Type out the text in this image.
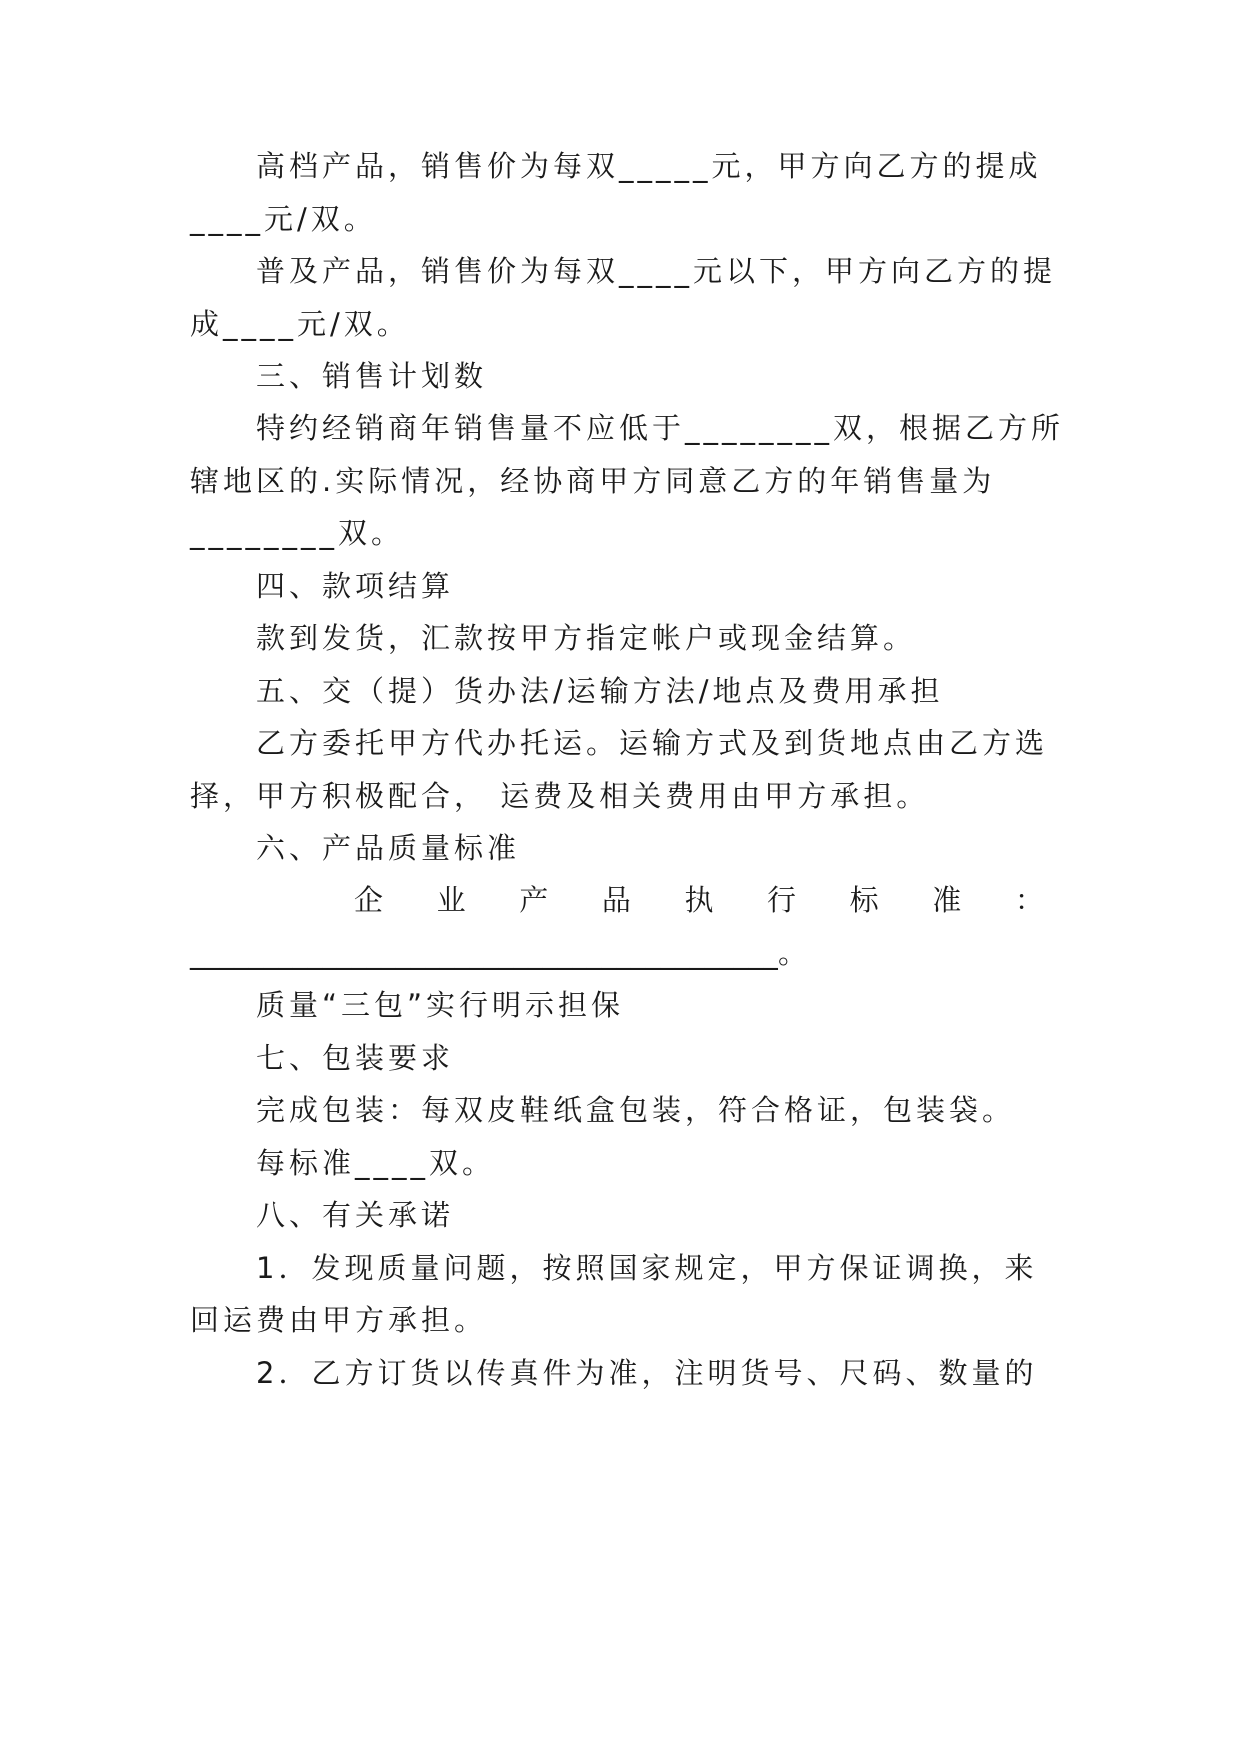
高档产品，销售价为每双_____元，甲方向乙方的提成
____元/双。
普及产品，销售价为每双____元以下，甲方向乙方的提
成____元/双。
三、销售计划数
特约经销商年销售量不应低于________双，根据乙方所
辖地区的.实际情况，经协商甲方同意乙方的年销售量为
________双。
四、款项结算
款到发货，汇款按甲方指定帐户或现金结算。
五、交（提）货办法/运输方法/地点及费用承担
乙方委托甲方代办托运。运输方式及到货地点由乙方选
择，甲方积极配合， 运费及相关费用由甲方承担。
六、产品质量标准
企 业 产 品 执 行 标 准 ：
________________________________________。
质量“三包”实行明示担保
七、包装要求
完成包装：每双皮鞋纸盒包装，符合格证，包装袋。
每标准____双。
八、有关承诺
1．发现质量问题，按照国家规定，甲方保证调换，来
回运费由甲方承担。
2．乙方订货以传真件为准，注明货号、尺码、数量的
